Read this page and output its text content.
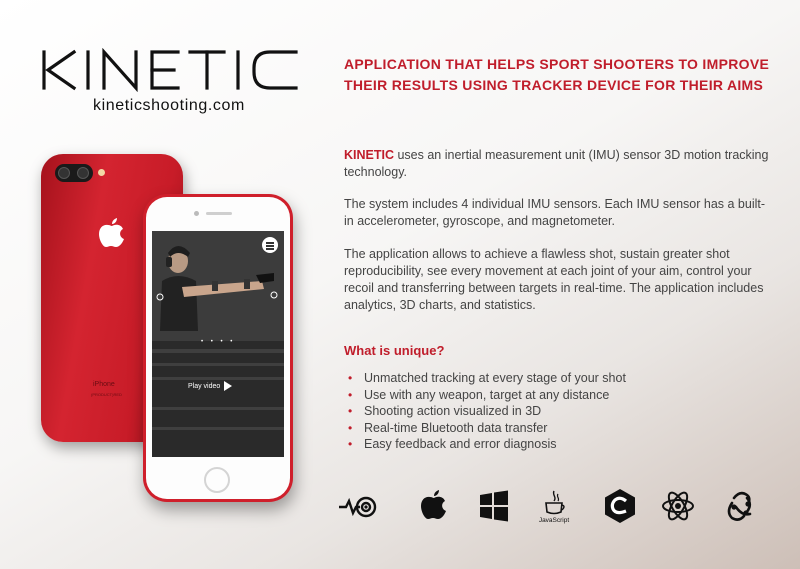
kineticshooting.com
APPLICATION THAT HELPS SPORT SHOOTERS TO IMPROVE THEIR RESULTS USING TRACKER DEVICE FOR THEIR AIMS

KINETIC uses an inertial measurement unit (IMU) sensor 3D motion tracking technology.

The system includes 4 individual IMU sensors. Each IMU sensor has a built-in accelerometer, gyroscope, and magnetometer.

The application allows to achieve a flawless shot, sustain greater shot reproducibility, see every movement at each joint of your aim, control your recoil and transferring between targets in real-time. The application includes analytics, 3D charts, and statistics.

What is unique?
• Unmatched tracking at every stage of your shot
• Use with any weapon, target at any distance
• Shooting action visualized in 3D
• Real-time Bluetooth data transfer
• Easy feedback and error diagnosis
iPhone
(PRODUCT)RED
• • • •
Play video
JavaScript
